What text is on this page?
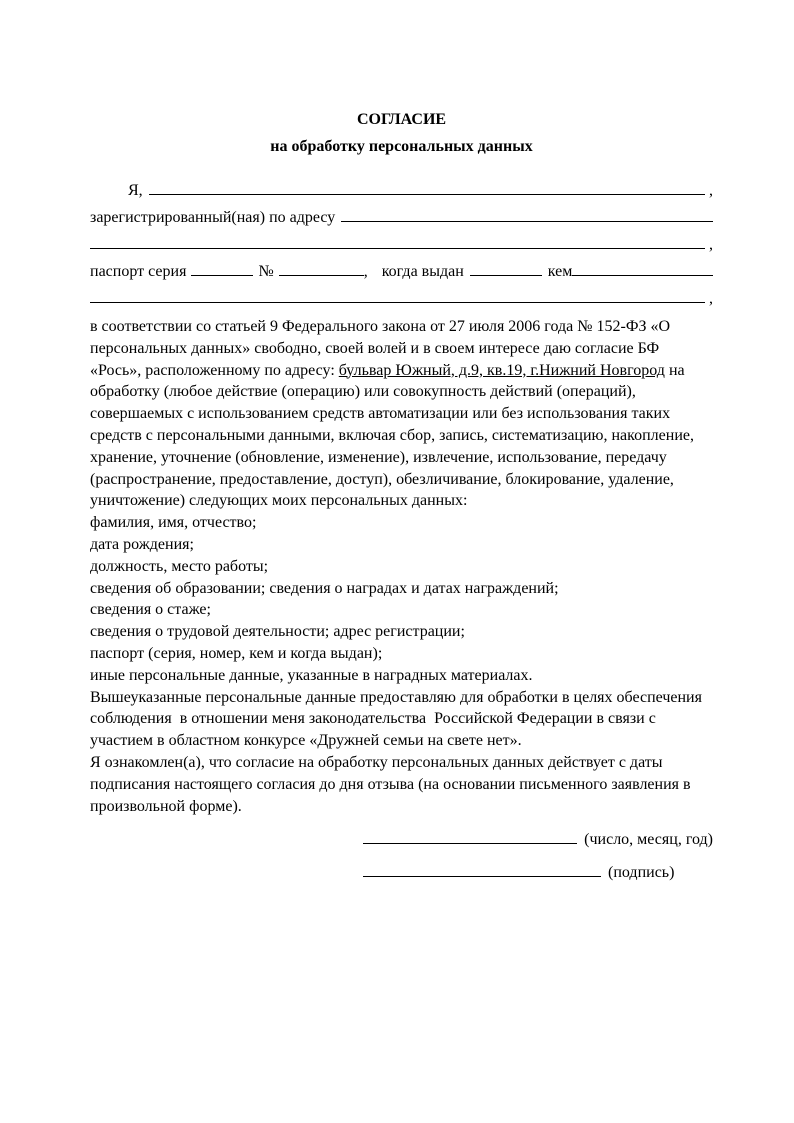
СОГЛАСИЕ
на обработку персональных данных
Я,	,
зарегистрированный(ная) по адресу
,
паспорт серия	№	, когда выдан	кем
,

в соответствии со статьей 9 Федерального закона от 27 июля 2006 года № 152-ФЗ «О персональных данных» свободно, своей волей и в своем интересе даю согласие БФ «Рось», расположенному по адресу: бульвар Южный, д.9, кв.19, г.Нижний Новгород на обработку (любое действие (операцию) или совокупность действий (операций), совершаемых с использованием средств автоматизации или без использования таких средств с персональными данными, включая сбор, запись, систематизацию, накопление, хранение, уточнение (обновление, изменение), извлечение, использование, передачу (распространение, предоставление, доступ), обезличивание, блокирование, удаление, уничтожение) следующих моих персональных данных:

фамилия, имя, отчество;
дата рождения;
должность, место работы;
сведения об образовании; сведения о наградах и датах награждений;
сведения о стаже;
сведения о трудовой деятельности; адрес регистрации;
паспорт (серия, номер, кем и когда выдан);
иные персональные данные, указанные в наградных материалах.

Вышеуказанные персональные данные предоставляю для обработки в целях обеспечения соблюдения  в отношении меня законодательства  Российской Федерации в связи с участием в областном конкурсе «Дружней семьи на свете нет».

Я ознакомлен(а), что согласие на обработку персональных данных действует с даты подписания настоящего согласия до дня отзыва (на основании письменного заявления в произвольной форме).

(число, месяц, год)
(подпись)
